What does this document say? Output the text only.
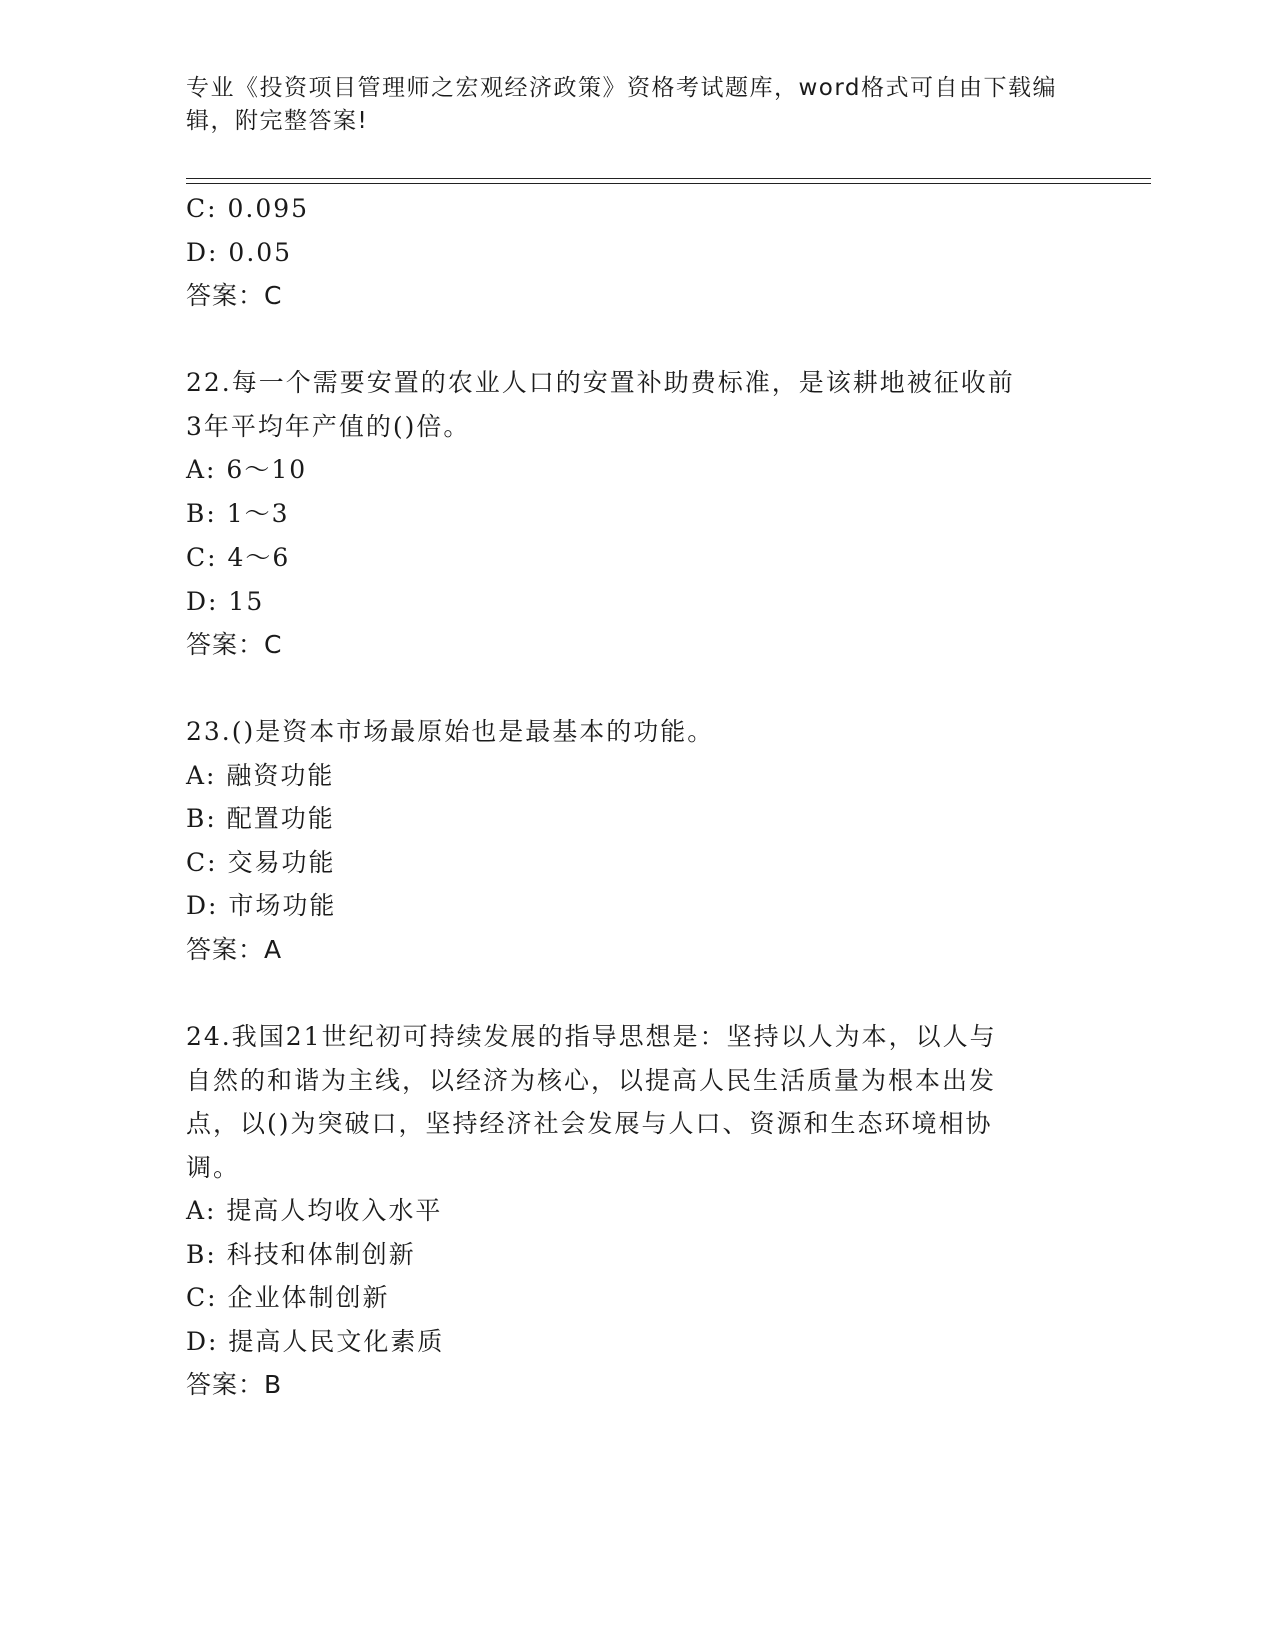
专业《投资项目管理师之宏观经济政策》资格考试题库，word格式可自由下载编
辑，附完整答案!
C: 0.095
D: 0.05
答案：C
22.每一个需要安置的农业人口的安置补助费标准，是该耕地被征收前
3年平均年产值的()倍。
A: 6～10
B: 1～3
C: 4～6
D: 15
答案：C
23.()是资本市场最原始也是最基本的功能。
A: 融资功能
B: 配置功能
C: 交易功能
D: 市场功能
答案：A
24.我国21世纪初可持续发展的指导思想是：坚持以人为本，以人与
自然的和谐为主线，以经济为核心，以提高人民生活质量为根本出发
点，以()为突破口，坚持经济社会发展与人口、资源和生态环境相协
调。
A: 提高人均收入水平
B: 科技和体制创新
C: 企业体制创新
D: 提高人民文化素质
答案：B
